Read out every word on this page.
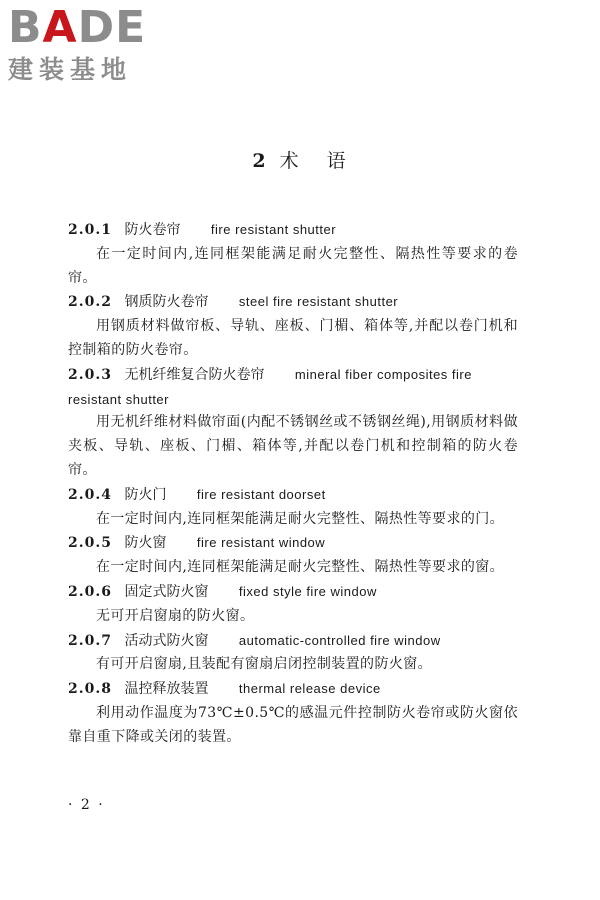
B A DE
建装基地
2 术 语
2.0.1 防火卷帘 fire resistant shutter
在一定时间内,连同框架能满足耐火完整性、隔热性等要求的卷帘。
2.0.2 钢质防火卷帘 steel fire resistant shutter
用钢质材料做帘板、导轨、座板、门楣、箱体等,并配以卷门机和控制箱的防火卷帘。
2.0.3 无机纤维复合防火卷帘 mineral fiber composites fire
resistant shutter
用无机纤维材料做帘面(内配不锈钢丝或不锈钢丝绳),用钢质材料做夹板、导轨、座板、门楣、箱体等,并配以卷门机和控制箱的防火卷帘。
2.0.4 防火门 fire resistant doorset
在一定时间内,连同框架能满足耐火完整性、隔热性等要求的门。
2.0.5 防火窗 fire resistant window
在一定时间内,连同框架能满足耐火完整性、隔热性等要求的窗。
2.0.6 固定式防火窗 fixed style fire window
无可开启窗扇的防火窗。
2.0.7 活动式防火窗 automatic-controlled fire window
有可开启窗扇,且装配有窗扇启闭控制装置的防火窗。
2.0.8 温控释放装置 thermal release device
利用动作温度为73℃±0.5℃的感温元件控制防火卷帘或防火窗依靠自重下降或关闭的装置。
· 2 ·
